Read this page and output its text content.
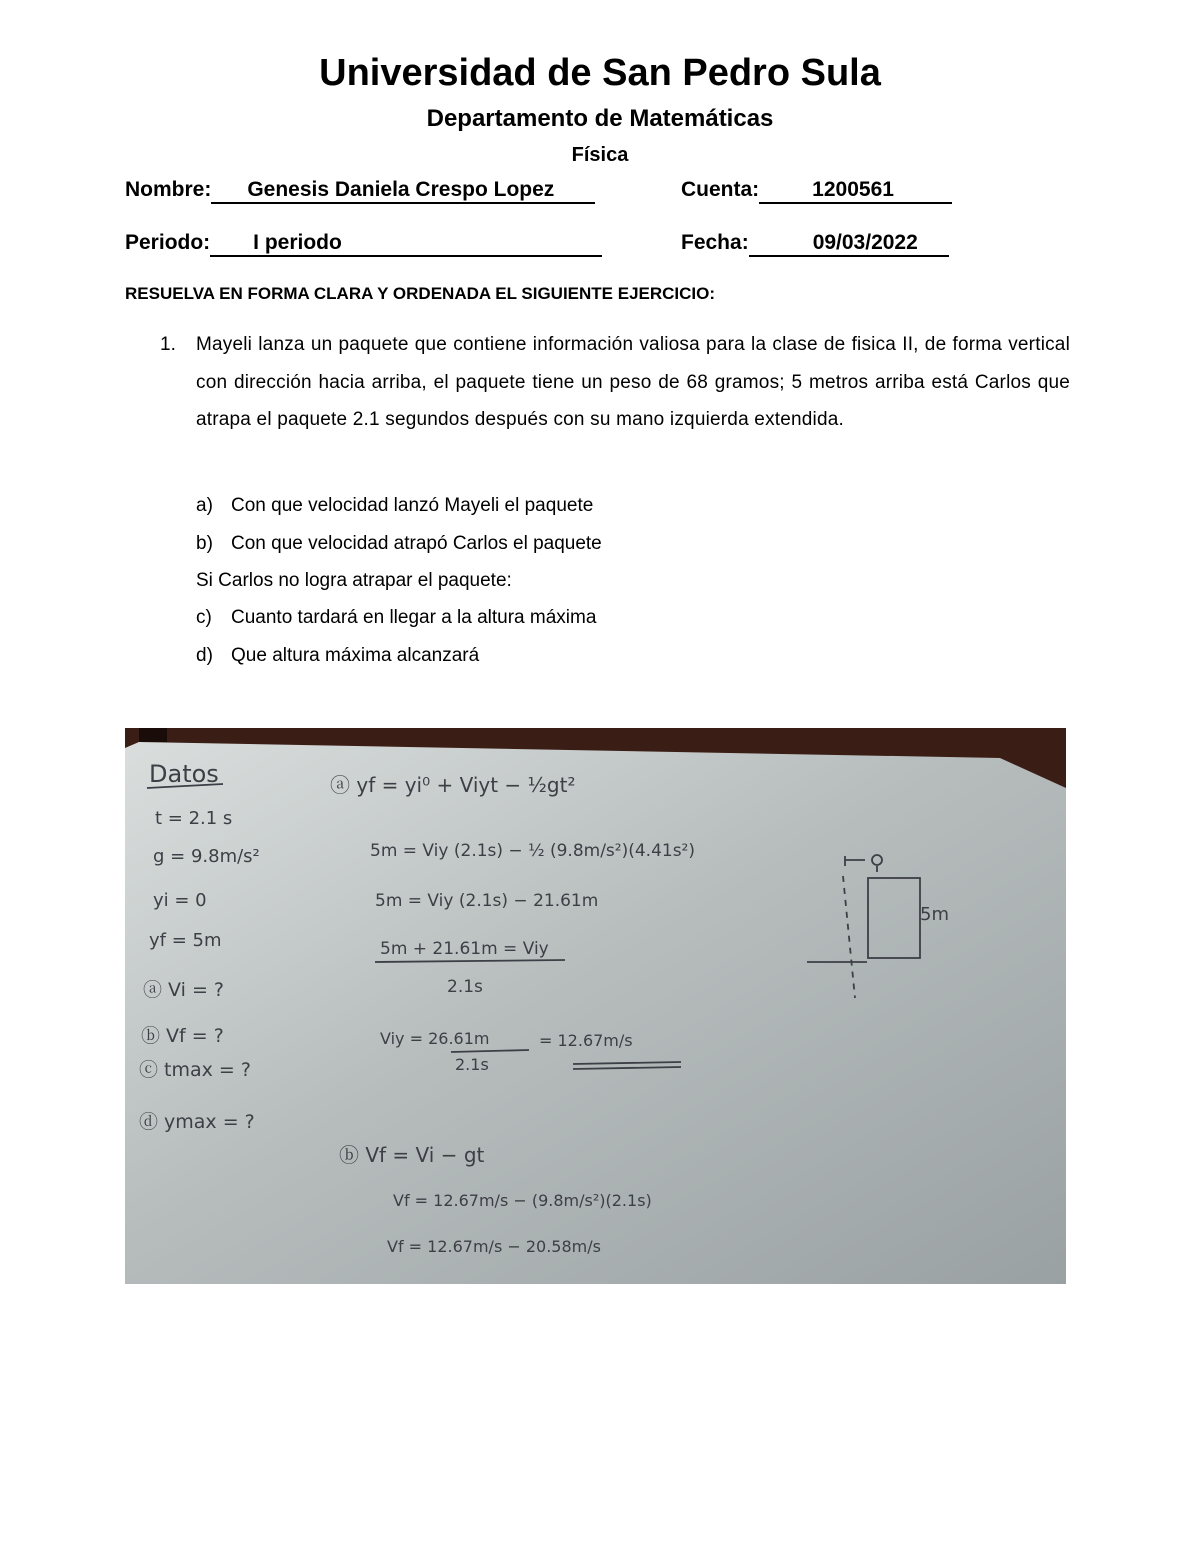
Universidad de San Pedro Sula
Departamento de Matemáticas
Física
Nombre: Genesis Daniela Crespo Lopez	Cuenta:	1200561
Periodo: I periodo	Fecha:	09/03/2022
RESUELVA EN FORMA CLARA Y ORDENADA EL SIGUIENTE EJERCICIO:
1. Mayeli lanza un paquete que contiene información valiosa para la clase de fisica II, de forma vertical con dirección hacia arriba, el paquete tiene un peso de 68 gramos; 5 metros arriba está Carlos que atrapa el paquete 2.1 segundos después con su mano izquierda extendida.
a) Con que velocidad lanzó Mayeli el paquete
b) Con que velocidad atrapó Carlos el paquete
Si Carlos no logra atrapar el paquete:
c) Cuanto tardará en llegar a la altura máxima
d) Que altura máxima alcanzará
Datos
t = 2.1 s
g = 9.8m/s²
yi = 0
yf = 5m
ⓐ Vi = ?
ⓑ Vf = ?
ⓒ tmax = ?
ⓓ ymax = ?
ⓐ yf = yi⁰ + Viyt − ½gt²
5m = Viy (2.1s) − ½ (9.8m/s²)(4.41s²)
5m = Viy (2.1s) − 21.61m
5m + 21.61m = Viy
2.1s
Viy = 26.61m
2.1s
= 12.67m/s
ⓑ Vf = Vi − gt
Vf = 12.67m/s − (9.8m/s²)(2.1s)
Vf = 12.67m/s − 20.58m/s
5m
